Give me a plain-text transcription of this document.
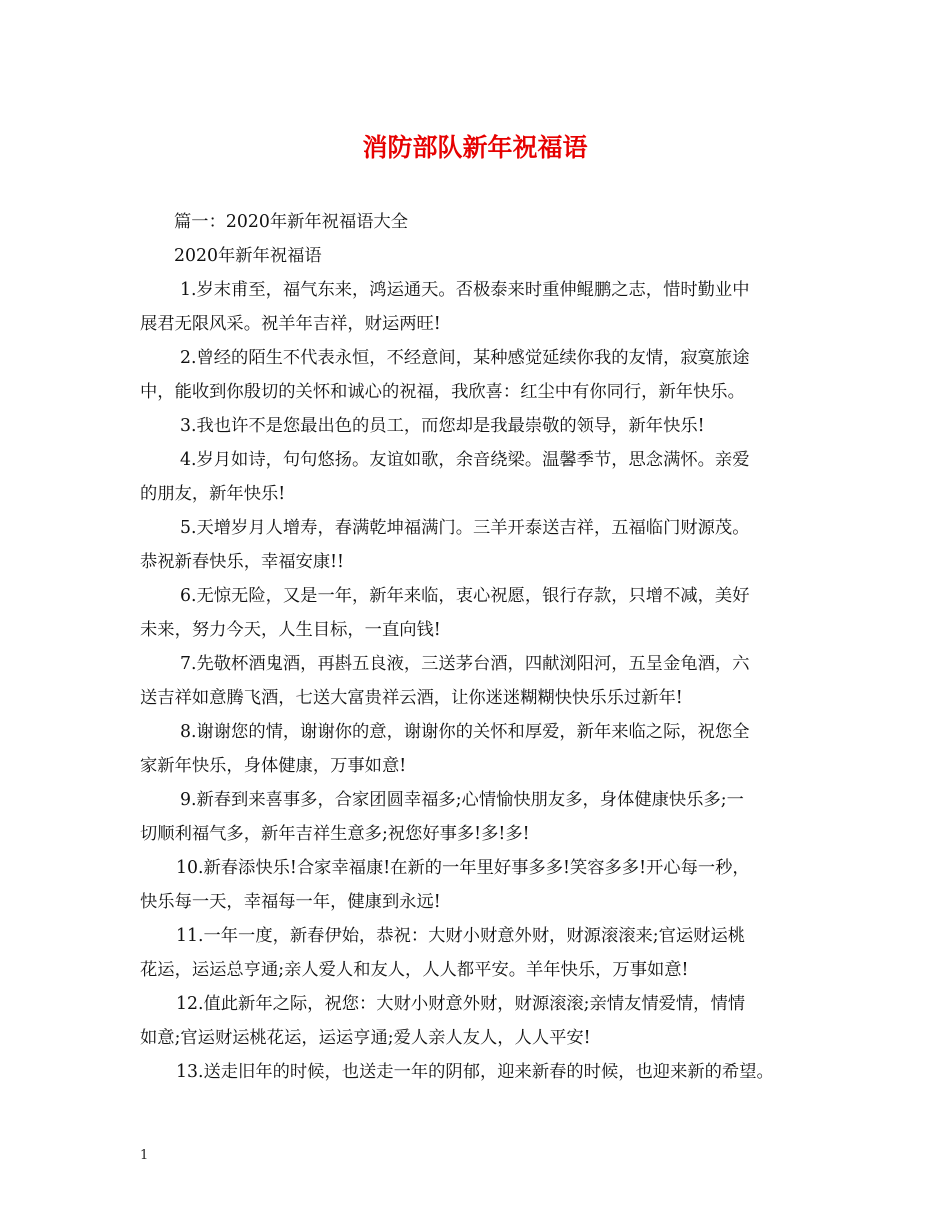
消防部队新年祝福语
篇一：2020年新年祝福语大全
2020年新年祝福语
1.岁末甫至，福气东来，鸿运通天。否极泰来时重伸鲲鹏之志，惜时勤业中
展君无限风采。祝羊年吉祥，财运两旺!
2.曾经的陌生不代表永恒，不经意间，某种感觉延续你我的友情，寂寞旅途
中，能收到你殷切的关怀和诚心的祝福，我欣喜：红尘中有你同行，新年快乐。
3.我也许不是您最出色的员工，而您却是我最崇敬的领导，新年快乐!
4.岁月如诗，句句悠扬。友谊如歌，余音绕梁。温馨季节，思念满怀。亲爱
的朋友，新年快乐!
5.天增岁月人增寿，春满乾坤福满门。三羊开泰送吉祥，五福临门财源茂。
恭祝新春快乐，幸福安康!!
6.无惊无险，又是一年，新年来临，衷心祝愿，银行存款，只增不减，美好
未来，努力今天，人生目标，一直向钱!
7.先敬杯酒鬼酒，再斟五良液，三送茅台酒，四献浏阳河，五呈金龟酒，六
送吉祥如意腾飞酒，七送大富贵祥云酒，让你迷迷糊糊快快乐乐过新年!
8.谢谢您的情，谢谢你的意，谢谢你的关怀和厚爱，新年来临之际，祝您全
家新年快乐，身体健康，万事如意!
9.新春到来喜事多，合家团圆幸福多;心情愉快朋友多，身体健康快乐多;一
切顺利福气多，新年吉祥生意多;祝您好事多!多!多!
10.新春添快乐!合家幸福康!在新的一年里好事多多!笑容多多!开心每一秒，
快乐每一天，幸福每一年，健康到永远!
11.一年一度，新春伊始，恭祝：大财小财意外财，财源滚滚来;官运财运桃
花运，运运总亨通;亲人爱人和友人，人人都平安。羊年快乐，万事如意!
12.值此新年之际，祝您：大财小财意外财，财源滚滚;亲情友情爱情，情情
如意;官运财运桃花运，运运亨通;爱人亲人友人，人人平安!
13.送走旧年的时候，也送走一年的阴郁，迎来新春的时候，也迎来新的希望。
1
